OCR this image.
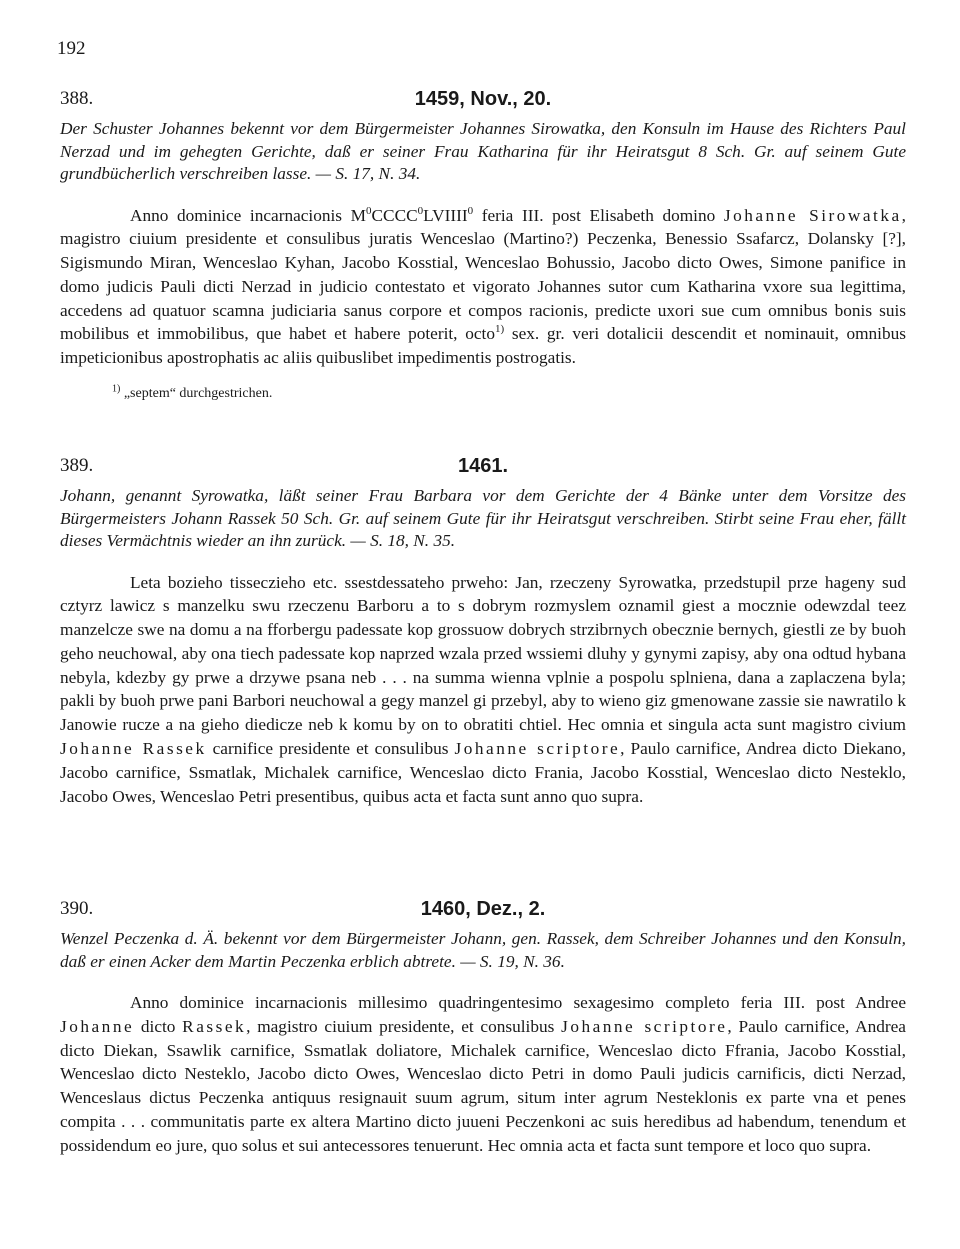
192
388.	1459, Nov., 20.

Der Schuster Johannes bekennt vor dem Bürgermeister Johannes Sirowatka, den Konsuln im Hause des Richters Paul Nerzad und im gehegten Gerichte, daß er seiner Frau Katharina für ihr Heiratsgut 8 Sch. Gr. auf seinem Gute grundbücherlich verschreiben lasse. — S. 17, N. 34.

Anno dominice incarnacionis $M^0CCCC^0LVIIII^0$ feria III. post Elisabeth domino Johanne Sirowatka, magistro ciuium presidente et consulibus juratis Wenceslao (Martino?) Peczenka, Benessio Ssafarcz, Dolansky [?], Sigismundo Miran, Wenceslao Kyhan, Jacobo Kosstial, Wenceslao Bohussio, Jacobo dicto Owes, Simone panifice in domo judicis Pauli dicti Nerzad in judicio contestato et vigorato Johannes sutor cum Katharina vxore sua legittima, accedens ad quatuor scamna judiciaria sanus corpore et compos racionis, predicte uxori sue cum omnibus bonis suis mobilibus et immobilibus, que habet et habere poterit, octo$^{1)}$ sex. gr. veri dotalicii descendit et nominauit, omnibus impeticionibus apostrophatis ac aliis quibuslibet impedimentis postrogatis.

$^{1)}$ „septem“ durchgestrichen.
389.	1461.

Johann, genannt Syrowatka, läßt seiner Frau Barbara vor dem Gerichte der 4 Bänke unter dem Vorsitze des Bürgermeisters Johann Rassek 50 Sch. Gr. auf seinem Gute für ihr Heiratsgut verschreiben. Stirbt seine Frau eher, fällt dieses Vermächtnis wieder an ihn zurück. — S. 18, N. 35.

Leta bozieho tisseczieho etc. ssestdessateho prweho: Jan, rzeczeny Syrowatka, przedstupil prze hageny sud cztyrz lawicz s manzelku swu rzeczenu Barboru a to s dobrym rozmyslem oznamil giest a mocznie odewzdal teez manzelcze swe na domu a na fforbergu padessate kop grossuow dobrych strzibrnych obecznie bernych, giestli ze by buoh geho neuchowal, aby ona tiech padessate kop naprzed wzala przed wssiemi dluhy y gynymi zapisy, aby ona odtud hybana nebyla, kdezby gy prwe a drzywe psana neb . . . na summa wienna vplnie a pospolu splniena, dana a zaplaczena byla; pakli by buoh prwe pani Barbori neuchowal a gegy manzel gi przebyl, aby to wieno giz gmenowane zassie sie nawratilo k Janowie rucze a na gieho diedicze neb k komu by on to obratiti chtiel. Hec omnia et singula acta sunt magistro civium Johanne Rassek carnifice presidente et consulibus Johanne scriptore, Paulo carnifice, Andrea dicto Diekano, Jacobo carnifice, Ssmatlak, Michalek carnifice, Wenceslao dicto Frania, Jacobo Kosstial, Wenceslao dicto Nesteklo, Jacobo Owes, Wenceslao Petri presentibus, quibus acta et facta sunt anno quo supra.

390.	1460, Dez., 2.

Wenzel Peczenka d. Ä. bekennt vor dem Bürgermeister Johann, gen. Rassek, dem Schreiber Johannes und den Konsuln, daß er einen Acker dem Martin Peczenka erblich abtrete. — S. 19, N. 36.

Anno dominice incarnacionis millesimo quadringentesimo sexagesimo completo feria III. post Andree Johanne dicto Rassek, magistro ciuium presidente, et consulibus Johanne scriptore, Paulo carnifice, Andrea dicto Diekan, Ssawlik carnifice, Ssmatlak doliatore, Michalek carnifice, Wenceslao dicto Ffrania, Jacobo Kosstial, Wenceslao dicto Nesteklo, Jacobo dicto Owes, Wenceslao dicto Petri in domo Pauli judicis carnificis, dicti Nerzad, Wenceslaus dictus Peczenka antiquus resignauit suum agrum, situm inter agrum Nesteklonis ex parte vna et penes compita . . . communitatis parte ex altera Martino dicto juueni Peczenkoni ac suis heredibus ad habendum, tenendum et possidendum eo jure, quo solus et sui antecessores tenuerunt. Hec omnia acta et facta sunt tempore et loco quo supra.
